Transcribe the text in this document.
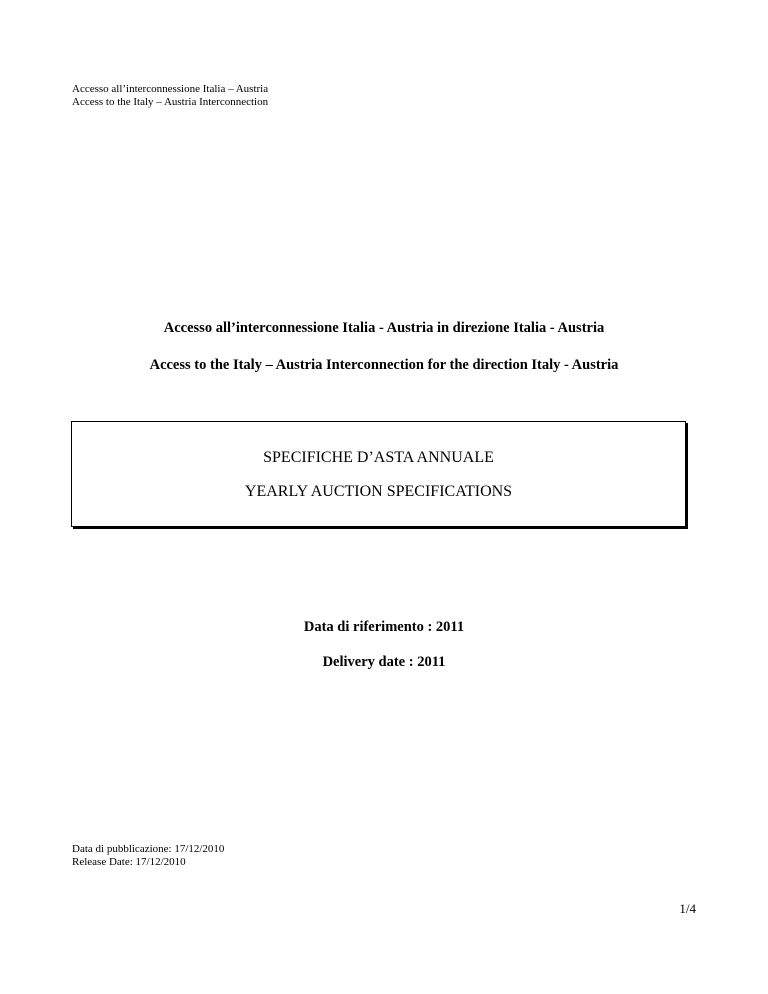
Accesso all’interconnessione Italia – Austria
Access to the Italy – Austria Interconnection
Accesso all’interconnessione Italia - Austria in direzione Italia - Austria
Access to the Italy – Austria Interconnection for the direction Italy - Austria
SPECIFICHE D’ASTA ANNUALE
YEARLY AUCTION SPECIFICATIONS
Data di riferimento : 2011
Delivery date : 2011
Data di pubblicazione: 17/12/2010
Release Date: 17/12/2010
1/4
